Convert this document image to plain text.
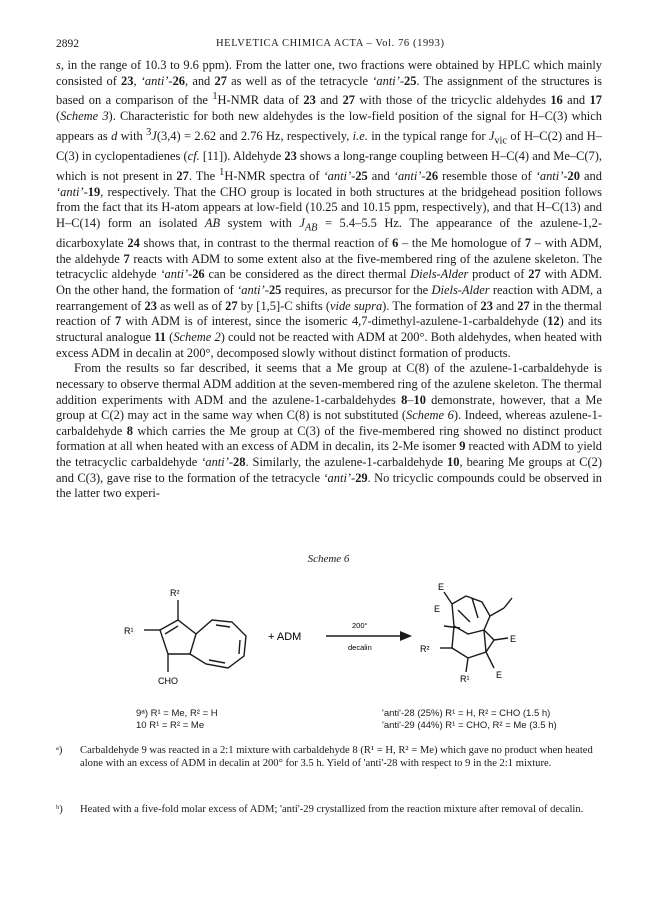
2892	HELVETICA CHIMICA ACTA – Vol. 76 (1993)

s, in the range of 10.3 to 9.6 ppm). From the latter one, two fractions were obtained by HPLC which mainly consisted of 23, ‘anti’-26, and 27 as well as of the tetracycle ‘anti’-25. The assignment of the structures is based on a comparison of the $^1$H-NMR data of 23 and 27 with those of the tricyclic aldehydes 16 and 17 (Scheme 3). Characteristic for both new aldehydes is the low-field position of the signal for H–C(3) which appears as d with $^3$J(3,4) = 2.62 and 2.76 Hz, respectively, i.e. in the typical range for $J_{vic}$ of H–C(2) and H–C(3) in cyclopentadienes (cf. [11]). Aldehyde 23 shows a long-range coupling between H–C(4) and Me–C(7), which is not present in 27. The $^1$H-NMR spectra of ‘anti’-25 and ‘anti’-26 resemble those of ‘anti’-20 and ‘anti’-19, respectively. That the CHO group is located in both structures at the bridgehead position follows from the fact that its H-atom appears at low-field (10.25 and 10.15 ppm, respectively), and that H–C(13) and H–C(14) form an isolated AB system with $J_{AB} = 5.4-5.5$ Hz. The appearance of the azulene-1,2-dicarboxylate 24 shows that, in contrast to the thermal reaction of 6 – the Me homologue of 7 – with ADM, the aldehyde 7 reacts with ADM to some extent also at the five-membered ring of the azulene skeleton. The tetracyclic aldehyde ‘anti’-26 can be considered as the direct thermal Diels-Alder product of 27 with ADM. On the other hand, the formation of ‘anti’-25 requires, as precursor for the Diels-Alder reaction with ADM, a rearrangement of 23 as well as of 27 by [1,5]-C shifts (vide supra). The formation of 23 and 27 in the thermal reaction of 7 with ADM is of interest, since the isomeric 4,7-dimethyl-azulene-1-carbaldehyde (12) and its structural analogue 11 (Scheme 2) could not be reacted with ADM at 200°. Both aldehydes, when heated with excess ADM in decalin at 200°, decomposed slowly without distinct formation of products.

From the results so far described, it seems that a Me group at C(8) of the azulene-1-carbaldehyde is necessary to observe thermal ADM addition at the seven-membered ring of the azulene skeleton. The thermal addition experiments with ADM and the azulene-1-carbaldehydes 8–10 demonstrate, however, that a Me group at C(2) may act in the same way when C(8) is not substituted (Scheme 6). Indeed, whereas azulene-1-carbaldehyde 8 which carries the Me group at C(3) of the five-membered ring showed no distinct product formation at all when heated with an excess of ADM in decalin, its 2-Me isomer 9 reacted with ADM to yield the tetracyclic carbaldehyde ‘anti’-28. Similarly, the azulene-1-carbaldehyde 10, bearing Me groups at C(2) and C(3), gave rise to the formation of the tetracycle ‘anti’-29. No tricyclic compounds could be observed in the latter two experi-

Scheme 6
R²
R¹
CHO
+ ADM
200°
decalin
E
E
E
E
R²
R¹
9ᵃ) R¹ = Me, R² = H
10 R¹ = R² = Me
'anti'-28 (25%) R¹ = H, R² = CHO (1.5 h)
'anti'-29 (44%) R¹ = CHO, R² = Me (3.5 h)
ᵃ) Carbaldehyde 9 was reacted in a 2:1 mixture with carbaldehyde 8 (R¹ = H, R² = Me) which gave no product when heated alone with an excess of ADM in decalin at 200° for 3.5 h. Yield of 'anti'-28 with respect to 9 in the 2:1 mixture.
ᵇ) Heated with a five-fold molar excess of ADM; 'anti'-29 crystallized from the reaction mixture after removal of decalin.
